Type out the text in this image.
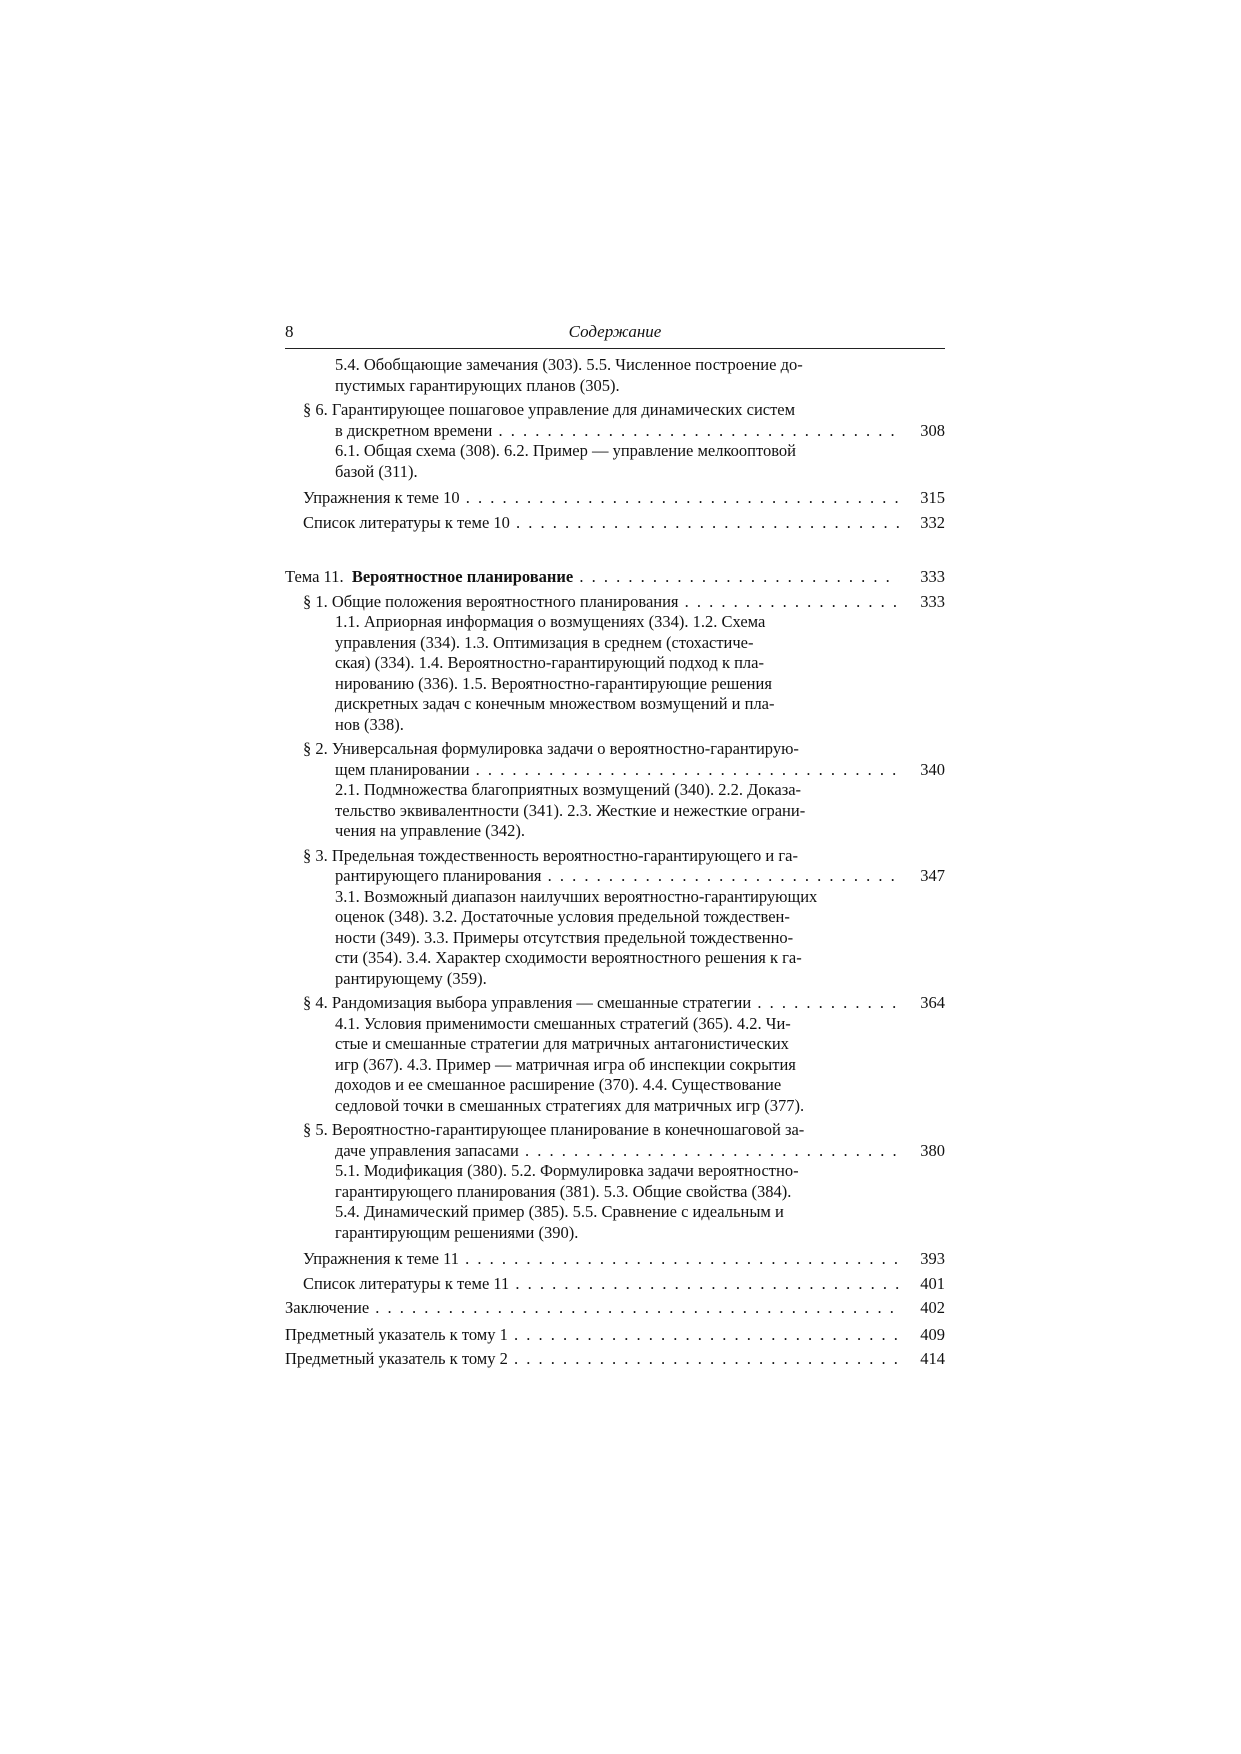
8	Содержание
5.4. Обобщающие замечания (303). 5.5. Численное построение до-
пустимых гарантирующих планов (305).
§ 6. Гарантирующее пошаговое управление для динамических систем
в дискретном времени . . .	308
6.1. Общая схема (308). 6.2. Пример — управление мелкооптовой
базой (311).
Упражнения к теме 10 . . .	315
Список литературы к теме 10 . . .	332
Тема 11. Вероятностное планирование . . .	333
§ 1. Общие положения вероятностного планирования . . .	333
1.1. Априорная информация о возмущениях (334). 1.2. Схема
управления (334). 1.3. Оптимизация в среднем (стохастиче-
ская) (334). 1.4. Вероятностно-гарантирующий подход к пла-
нированию (336). 1.5. Вероятностно-гарантирующие решения
дискретных задач с конечным множеством возмущений и пла-
нов (338).
§ 2. Универсальная формулировка задачи о вероятностно-гарантирую-
щем планировании . . .	340
2.1. Подмножества благоприятных возмущений (340). 2.2. Доказа-
тельство эквивалентности (341). 2.3. Жесткие и нежесткие ограни-
чения на управление (342).
§ 3. Предельная тождественность вероятностно-гарантирующего и га-
рантирующего планирования . . .	347
3.1. Возможный диапазон наилучших вероятностно-гарантирующих
оценок (348). 3.2. Достаточные условия предельной тождествен-
ности (349). 3.3. Примеры отсутствия предельной тождественно-
сти (354). 3.4. Характер сходимости вероятностного решения к га-
рантирующему (359).
§ 4. Рандомизация выбора управления — смешанные стратегии . . .	364
4.1. Условия применимости смешанных стратегий (365). 4.2. Чи-
стые и смешанные стратегии для матричных антагонистических
игр (367). 4.3. Пример — матричная игра об инспекции сокрытия
доходов и ее смешанное расширение (370). 4.4. Существование
седловой точки в смешанных стратегиях для матричных игр (377).
§ 5. Вероятностно-гарантирующее планирование в конечношаговой за-
даче управления запасами . . .	380
5.1. Модификация (380). 5.2. Формулировка задачи вероятностно-
гарантирующего планирования (381). 5.3. Общие свойства (384).
5.4. Динамический пример (385). 5.5. Сравнение с идеальным и
гарантирующим решениями (390).
Упражнения к теме 11 . . .	393
Список литературы к теме 11 . . .	401
Заключение . . .	402
Предметный указатель к тому 1 . . .	409
Предметный указатель к тому 2 . . .	414
